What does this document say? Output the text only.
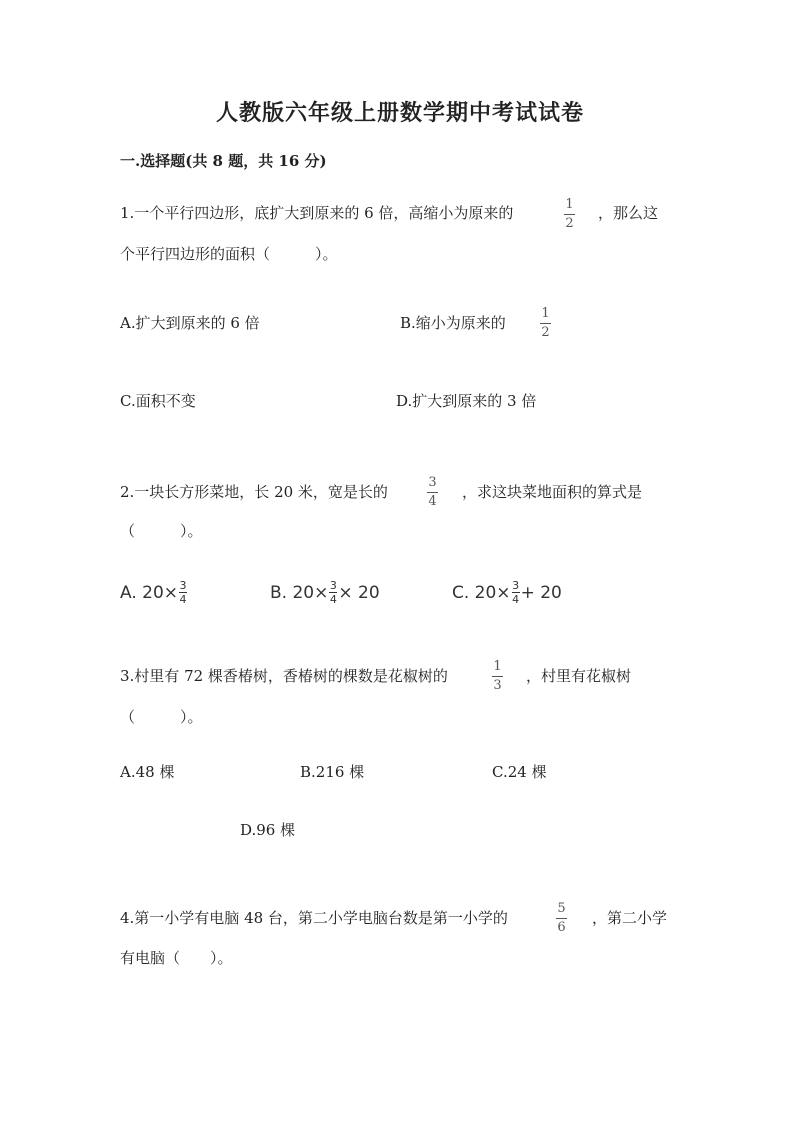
人教版六年级上册数学期中考试试卷
一.选择题(共 8 题，共 16 分)
1.一个平行四边形，底扩大到原来的 6 倍，高缩小为原来的	1
2
，那么这
个平行四边形的面积（　　　）。
A.扩大到原来的 6 倍	B.缩小为原来的
1
2
C.面积不变	D.扩大到原来的 3 倍
2.一块长方形菜地，长 20 米，宽是长的
3
4
，求这块菜地面积的算式是
（　　　）。
A. 20× 3
4	B. 20× 3
4 × 20	C. 20× 3
4 + 20
3.村里有 72 棵香椿树，香椿树的棵数是花椒树的
1
3
，村里有花椒树
（　　　）。
A.48 棵	B.216 棵	C.24 棵
D.96 棵
4.第一小学有电脑 48 台，第二小学电脑台数是第一小学的
5
6
，第二小学
有电脑（　　）。
